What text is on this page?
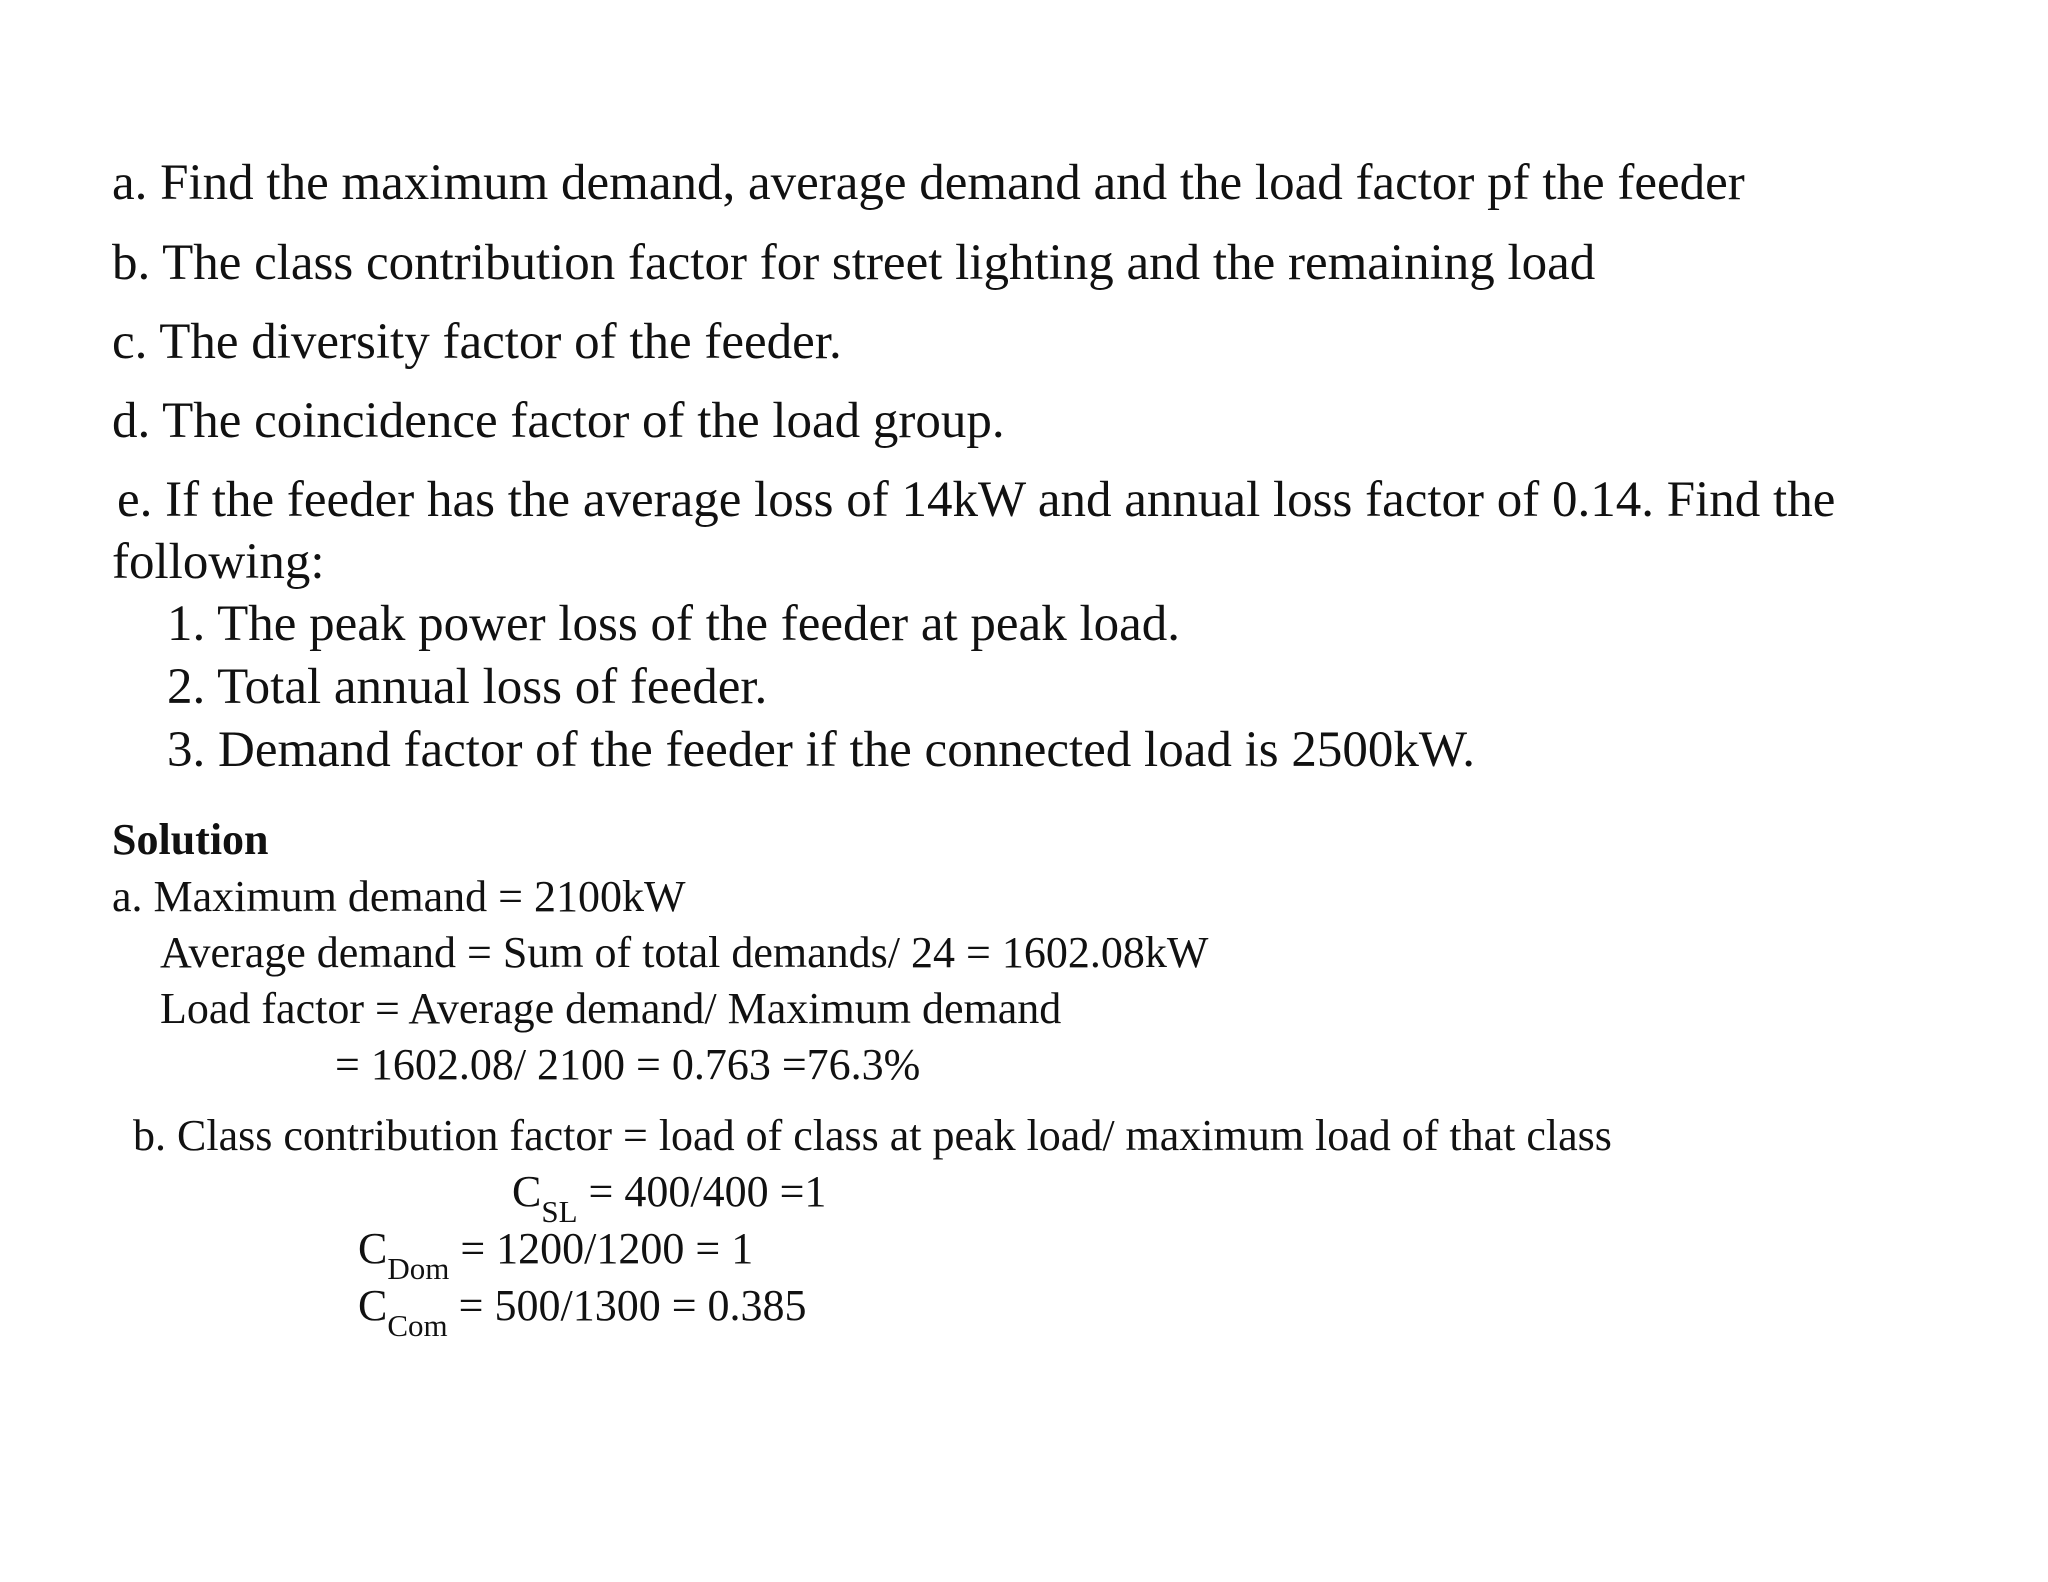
a. Find the maximum demand, average demand and the load factor pf the feeder
b. The class contribution factor for street lighting and the remaining load
c. The diversity factor of the feeder.
d. The coincidence factor of the load group.
e. If the feeder has the average loss of 14kW and annual loss factor of 0.14. Find the
following:
1. The peak power loss of the feeder at peak load.
2. Total annual loss of feeder.
3. Demand factor of the feeder if the connected load is 2500kW.
Solution
a. Maximum demand = 2100kW
Average demand = Sum of total demands/ 24 = 1602.08kW
Load factor = Average demand/ Maximum demand
= 1602.08/ 2100 = 0.763 =76.3%
b. Class contribution factor = load of class at peak load/ maximum load of that class
$C_{SL} = 400/400 =1$
$C_{Dom} = 1200/1200 = 1$
$C_{Com} = 500/1300 = 0.385$
